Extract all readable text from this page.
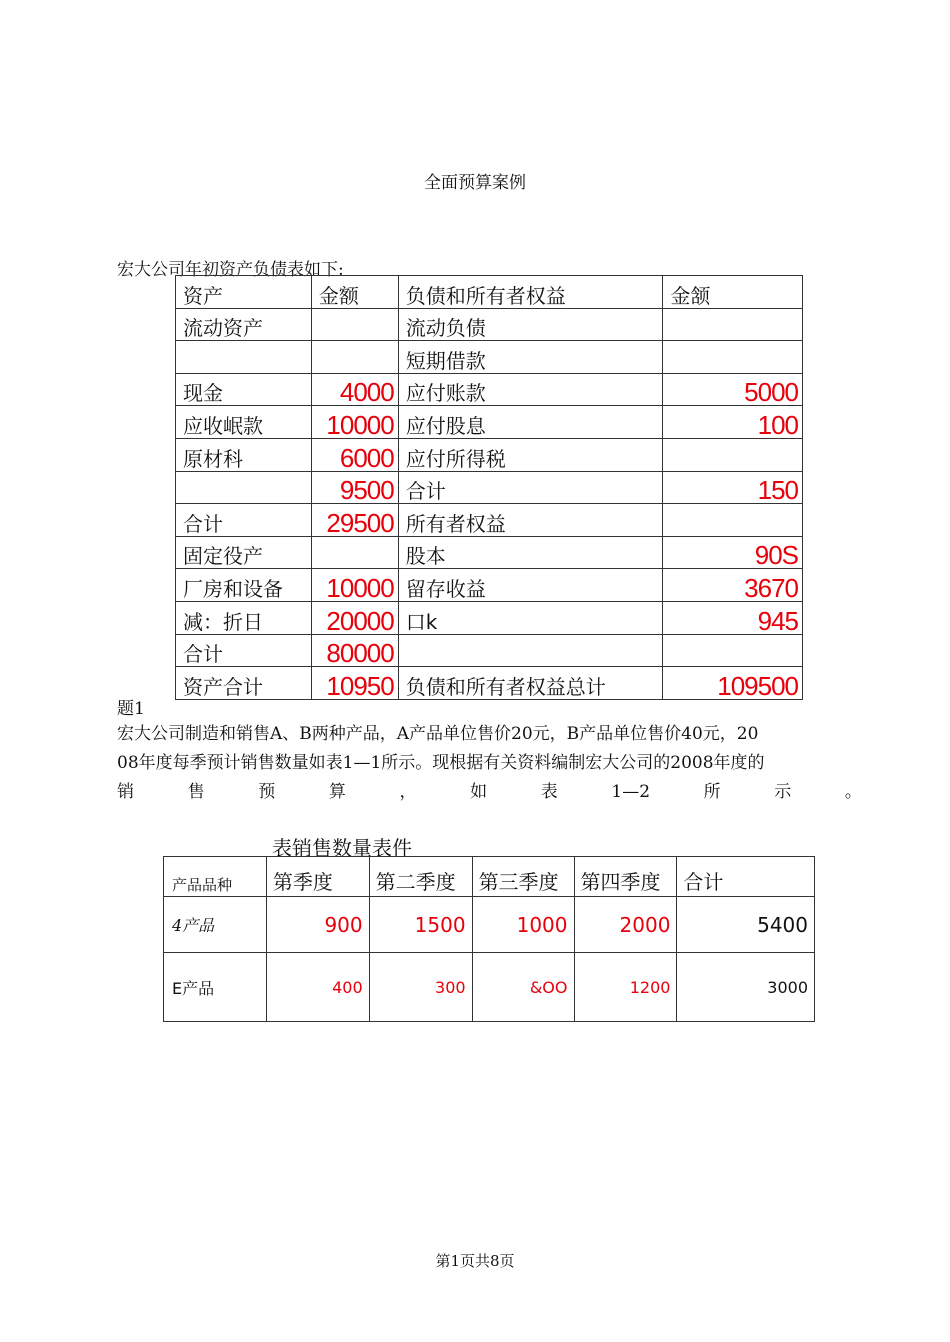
全面预算案例
宏大公司年初资产负债表如下:
资产	金额	负债和所有者权益	金颔
流动资产		流动负债	
		短期借款	
现金	4000	应付账款	5000
应收岷款	10000	应付股息	100
原材科	6000	应付所得税	
	9500	合计	150
合计	29500	所有者权益	
固定役产		股本	90S
厂房和设备	10000	留存收益	3670
减：折日	20000	口k	945
合计	80000		
资产合计	10950	负债和所有者权益总计	109500
题1
宏大公司制造和销售A、B两种产品，A产品单位售价20元，B产品单位售价40元，20
08年度每季预计销售数量如表1—1所示。现根据有关资料编制宏大公司的2008年度的
销	售	预	算	，	如	表	1—2	所	示	。
表销售数量表件
产品品种	第季度	第二季度	第三季度	第四季度	合计
4产品	900	1500	1000	2000	5400
E产品	400	300	&OO	1200	3000
第1页共8页
